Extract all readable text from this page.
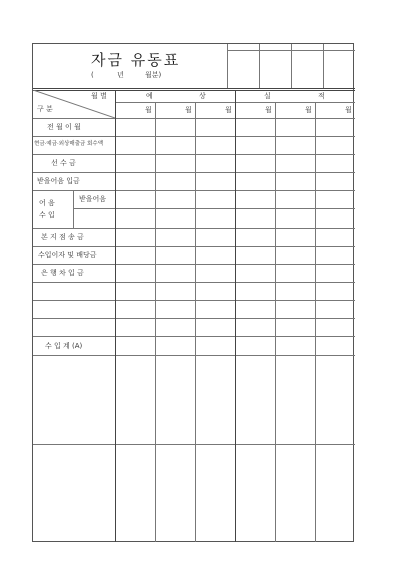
자금 유동표
(	년	월분)
월 별
구 분
예	상	실	적
월	월	월	월	월	월
전 월 이 월
현금·예금·외상매출금 회수액
선 수 금
받을어음 입금
어 음
수 입
받을어음
본 지 점 송 금
수입이자 및 배당금
은 행 차 입 금
수 입 계 (A)
